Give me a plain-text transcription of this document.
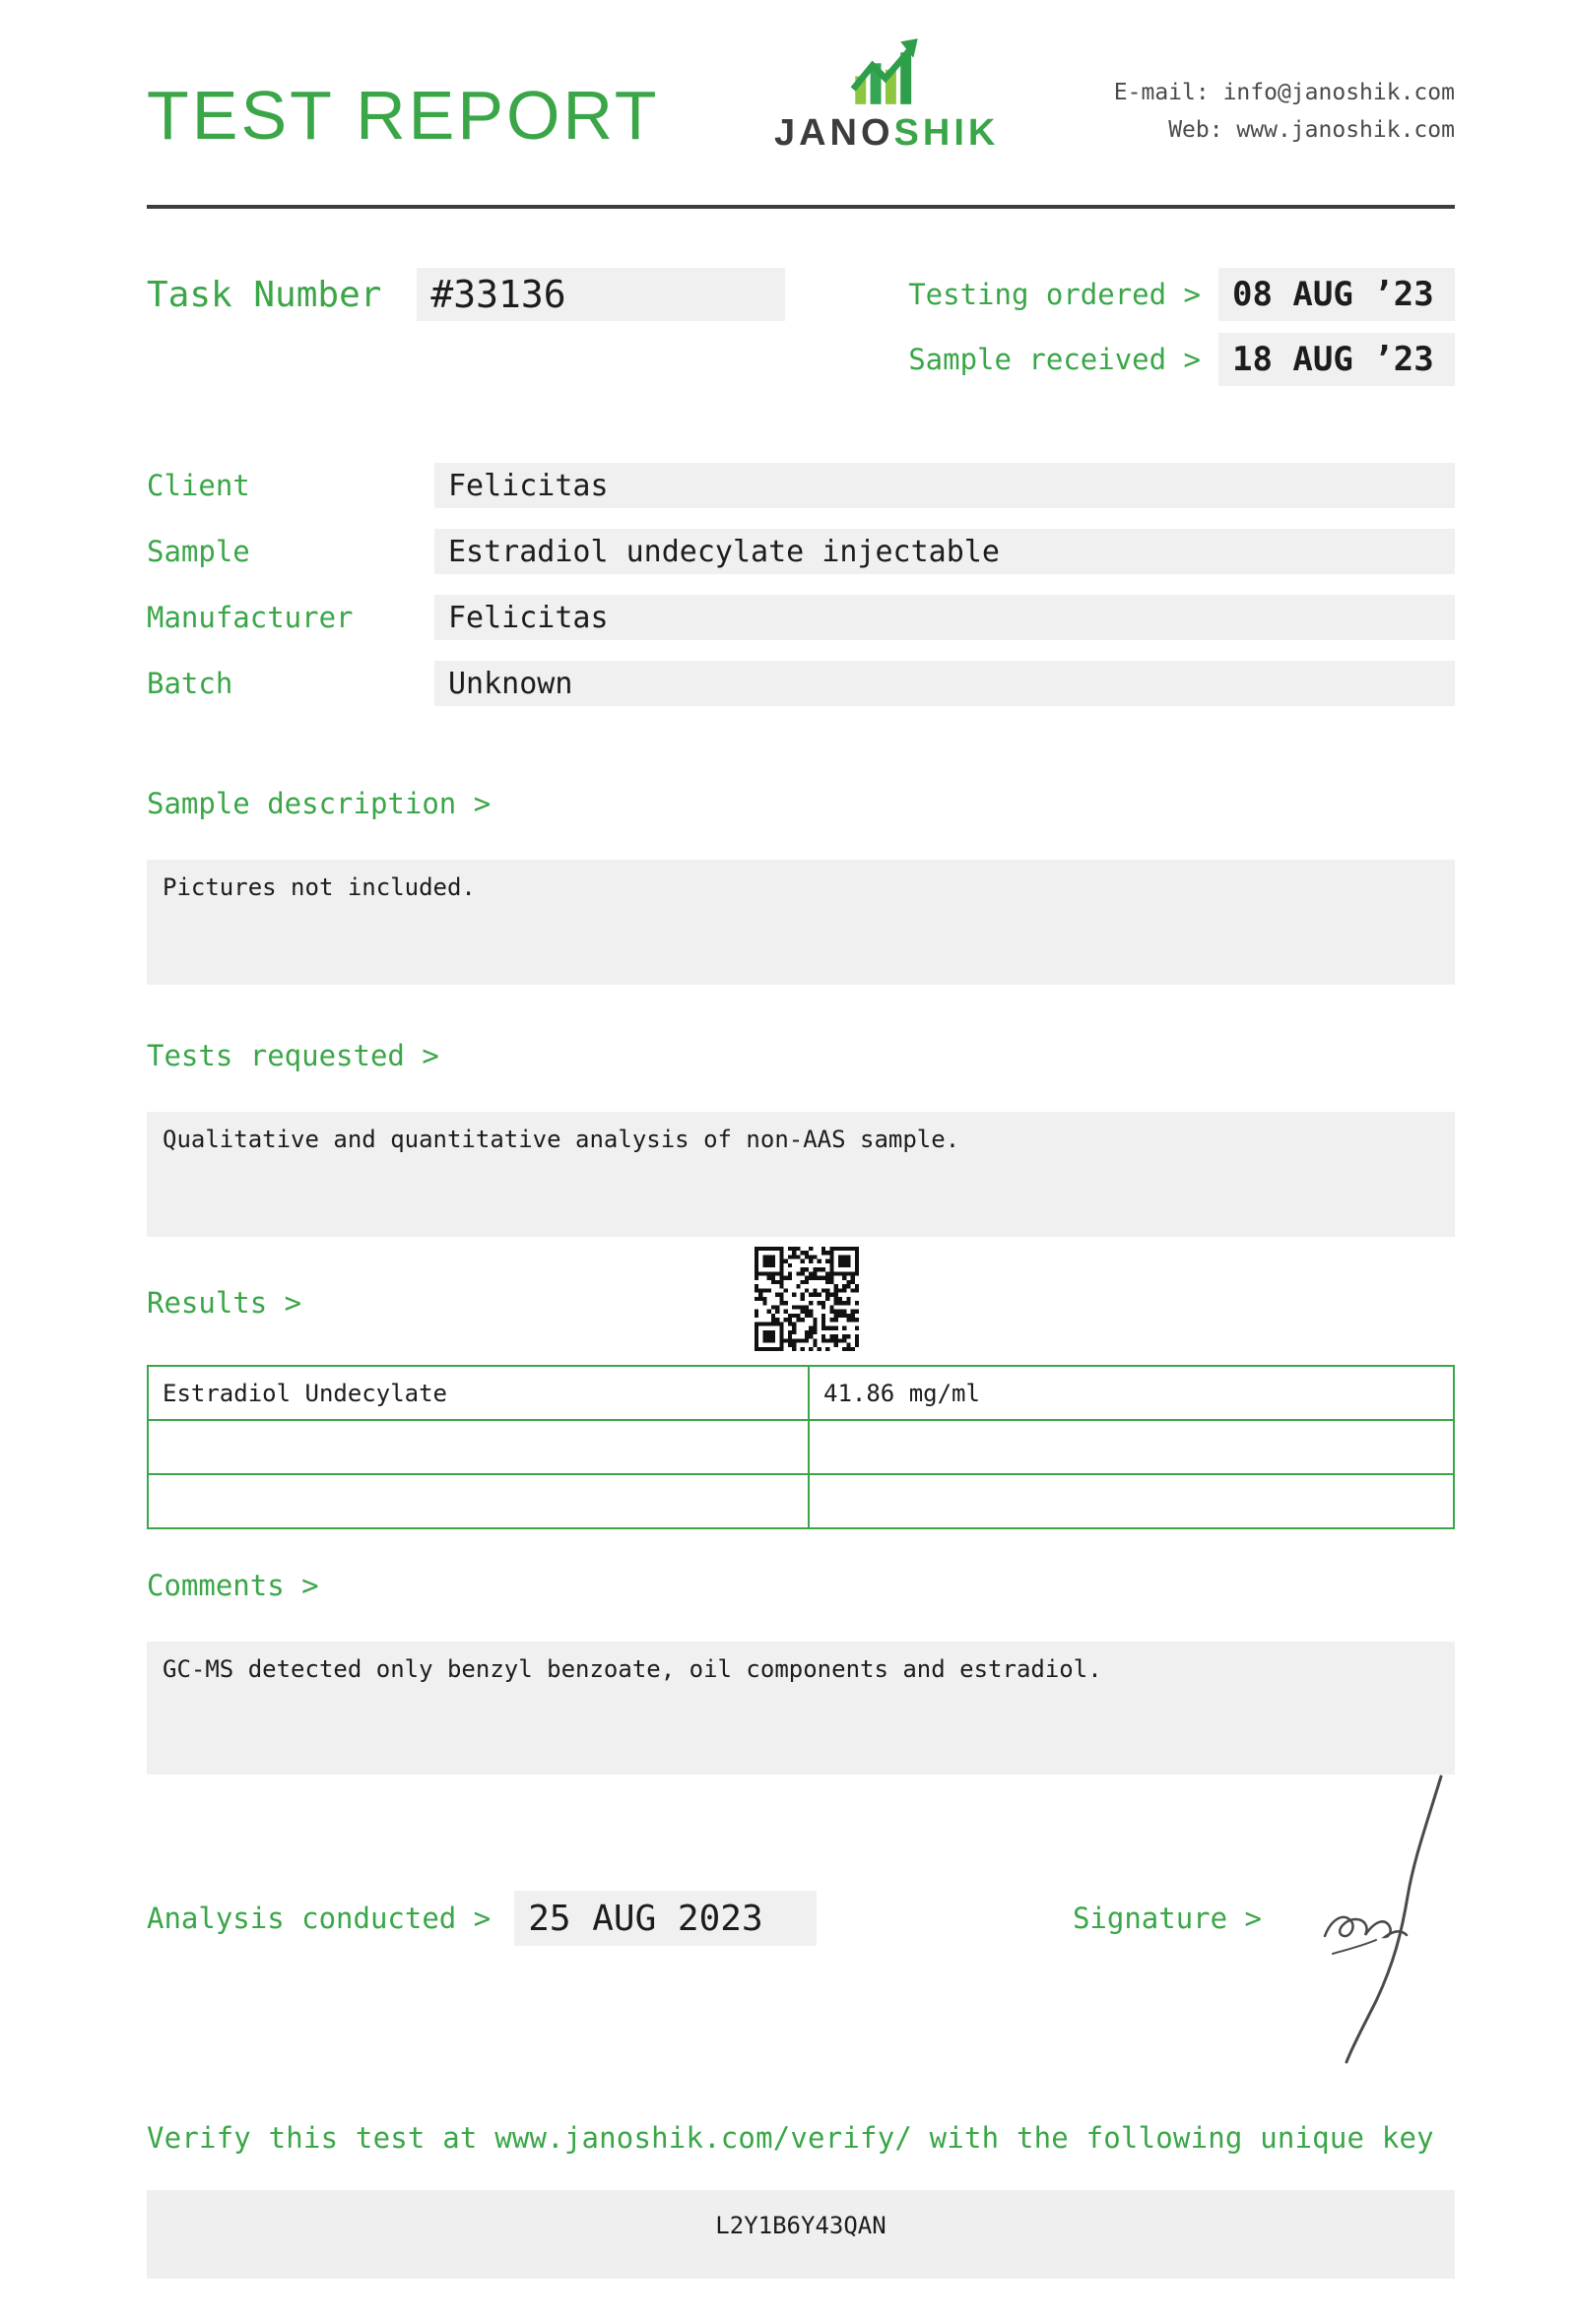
TEST REPORT	JANOSHIK
E-mail: info@janoshik.com
Web: www.janoshik.com
Task Number	#33136	Testing ordered > 08 AUG ’23
Sample received > 18 AUG ’23
Client	Felicitas
Sample	Estradiol undecylate injectable
Manufacturer	Felicitas
Batch	Unknown
Sample description >
Pictures not included.
Tests requested >
Qualitative and quantitative analysis of non-AAS sample.
Results >
Estradiol Undecylate	41.86 mg/ml

Comments >
GC-MS detected only benzyl benzoate, oil components and estradiol.
Analysis conducted >	25 AUG 2023	Signature >
Verify this test at www.janoshik.com/verify/ with the following unique key
L2Y1B6Y43QAN
